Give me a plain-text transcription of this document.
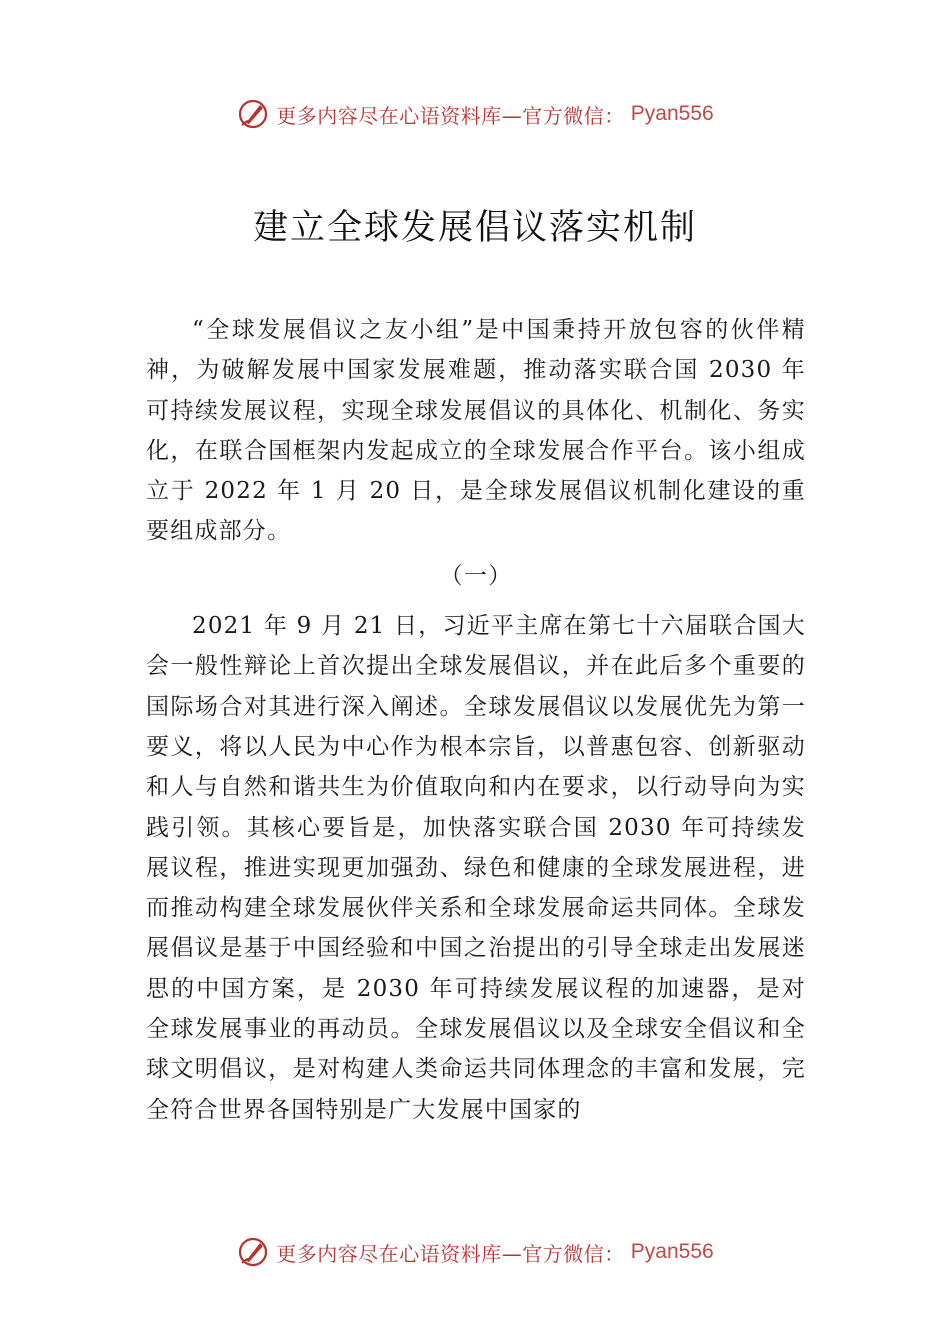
更多内容尽在心语资料库—官方微信： Pyan556
建立全球发展倡议落实机制

“全球发展倡议之友小组”是中国秉持开放包容的伙伴精神，为破解发展中国家发展难题，推动落实联合国 2030 年可持续发展议程，实现全球发展倡议的具体化、机制化、务实化，在联合国框架内发起成立的全球发展合作平台。该小组成立于 2022 年 1 月 20 日，是全球发展倡议机制化建设的重要组成部分。

（一）

2021 年 9 月 21 日，习近平主席在第七十六届联合国大会一般性辩论上首次提出全球发展倡议，并在此后多个重要的国际场合对其进行深入阐述。全球发展倡议以发展优先为第一要义，将以人民为中心作为根本宗旨，以普惠包容、创新驱动和人与自然和谐共生为价值取向和内在要求，以行动导向为实践引领。其核心要旨是，加快落实联合国 2030 年可持续发展议程，推进实现更加强劲、绿色和健康的全球发展进程，进而推动构建全球发展伙伴关系和全球发展命运共同体。全球发展倡议是基于中国经验和中国之治提出的引导全球走出发展迷思的中国方案，是 2030 年可持续发展议程的加速器，是对全球发展事业的再动员。全球发展倡议以及全球安全倡议和全球文明倡议，是对构建人类命运共同体理念的丰富和发展，完全符合世界各国特别是广大发展中国家的

更多内容尽在心语资料库—官方微信： Pyan556
